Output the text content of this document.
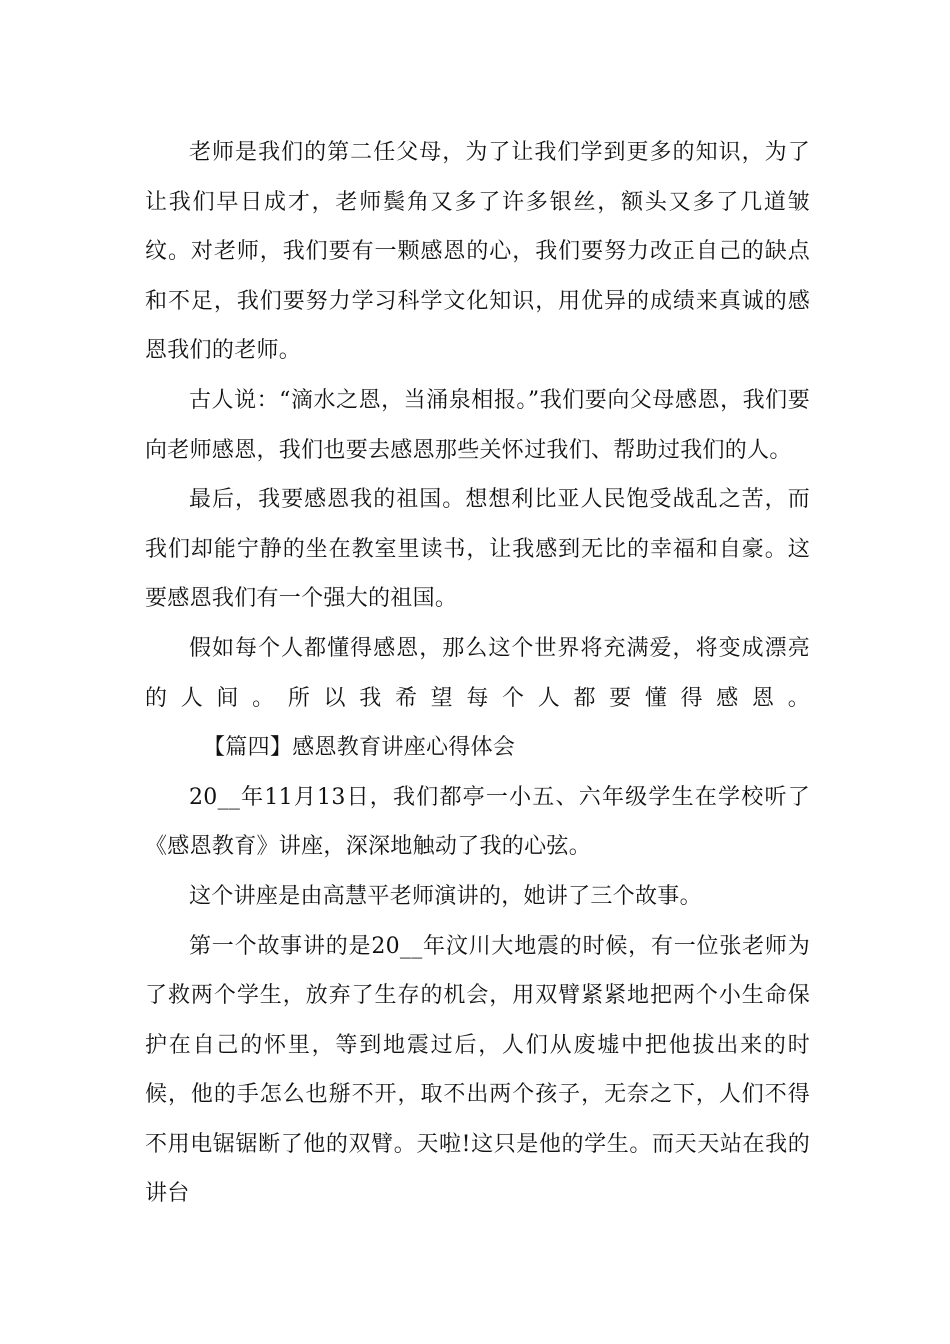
老师是我们的第二任父母，为了让我们学到更多的知识，为了让我们早日成才，老师鬓角又多了许多银丝，额头又多了几道皱纹。对老师，我们要有一颗感恩的心，我们要努力改正自己的缺点和不足，我们要努力学习科学文化知识，用优异的成绩来真诚的感恩我们的老师。

古人说：“滴水之恩，当涌泉相报。”我们要向父母感恩，我们要向老师感恩，我们也要去感恩那些关怀过我们、帮助过我们的人。

最后，我要感恩我的祖国。想想利比亚人民饱受战乱之苦，而我们却能宁静的坐在教室里读书，让我感到无比的幸福和自豪。这要感恩我们有一个强大的祖国。

假如每个人都懂得感恩，那么这个世界将充满爱，将变成漂亮的人间。所以我希望每个人都要懂得感恩。【篇四】感恩教育讲座心得体会

20__年11月13日，我们都亭一小五、六年级学生在学校听了《感恩教育》讲座，深深地触动了我的心弦。

这个讲座是由高慧平老师演讲的，她讲了三个故事。

第一个故事讲的是20__年汶川大地震的时候，有一位张老师为了救两个学生，放弃了生存的机会，用双臂紧紧地把两个小生命保护在自己的怀里，等到地震过后，人们从废墟中把他拔出来的时候，他的手怎么也掰不开，取不出两个孩子，无奈之下，人们不得不用电锯锯断了他的双臂。天啦!这只是他的学生。而天天站在我的讲台
